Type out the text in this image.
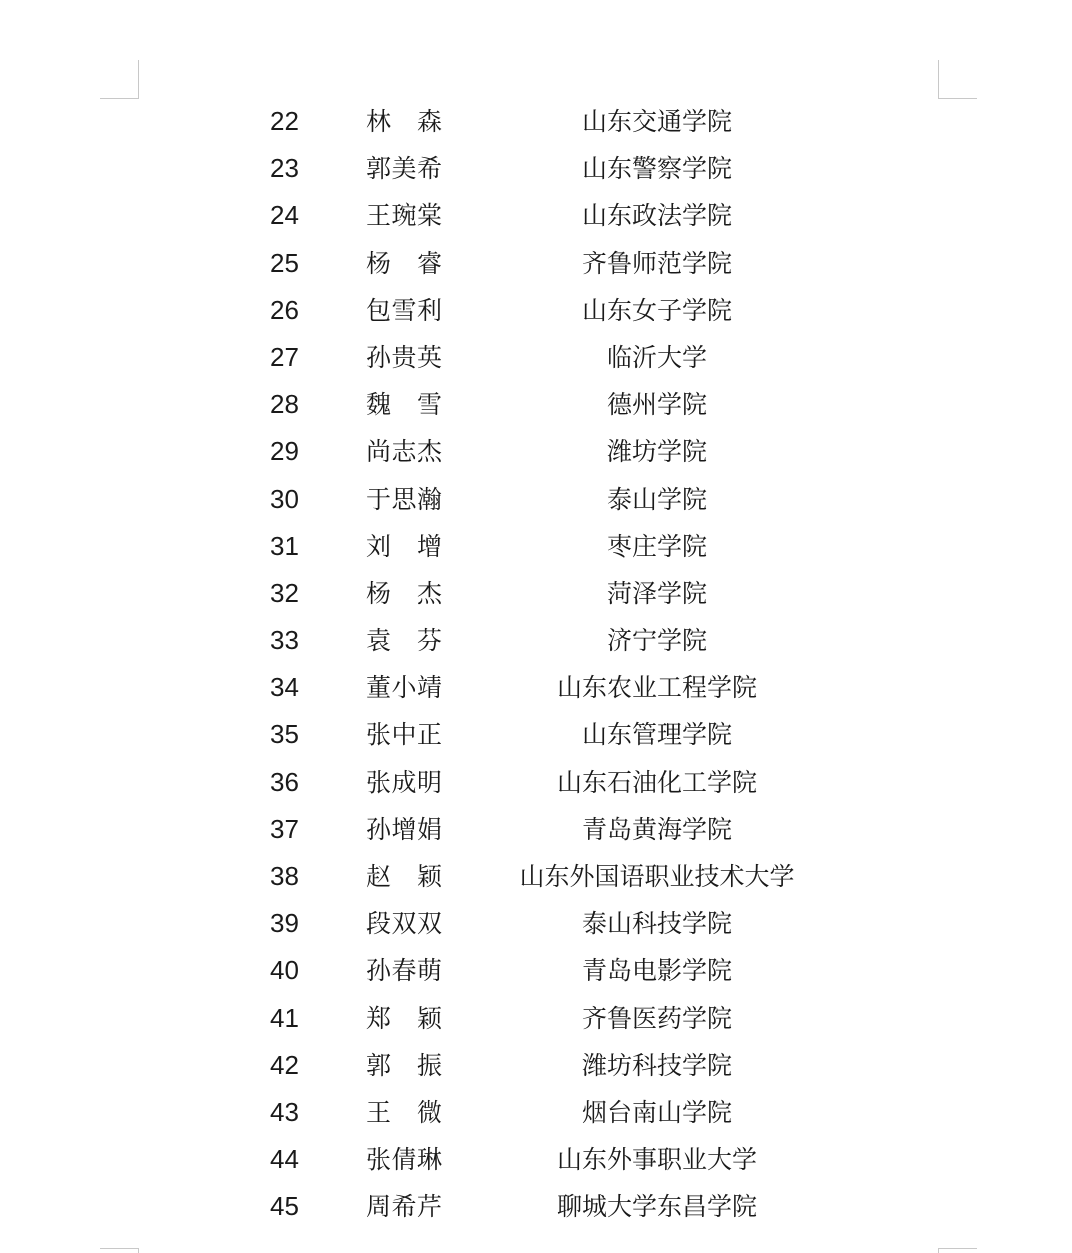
22	林森	山东交通学院
23	郭美希	山东警察学院
24	王琬棠	山东政法学院
25	杨睿	齐鲁师范学院
26	包雪利	山东女子学院
27	孙贵英	临沂大学
28	魏雪	德州学院
29	尚志杰	潍坊学院
30	于思瀚	泰山学院
31	刘增	枣庄学院
32	杨杰	菏泽学院
33	袁芬	济宁学院
34	董小靖	山东农业工程学院
35	张中正	山东管理学院
36	张成明	山东石油化工学院
37	孙增娟	青岛黄海学院
38	赵颖	山东外国语职业技术大学
39	段双双	泰山科技学院
40	孙春萌	青岛电影学院
41	郑颖	齐鲁医药学院
42	郭振	潍坊科技学院
43	王微	烟台南山学院
44	张倩琳	山东外事职业大学
45	周希芹	聊城大学东昌学院
